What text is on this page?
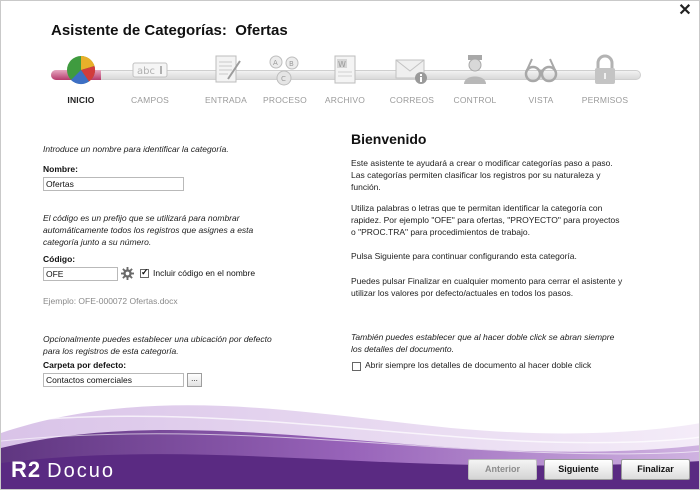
✕
Asistente de Categorías:  Ofertas
INICIO
abc
CAMPOS	ENTRADA
A B
C
PROCESO
W
ARCHIVO	CORREOS	CONTROL	VISTA	PERMISOS
Introduce un nombre para identificar la categoría.
Nombre:
Ofertas
El código es un prefijo que se utilizará para nombrar automáticamente todos los registros que asignes a esta categoría junto a su número.
Código:
OFE
✓	Incluir código en el nombre
Ejemplo: OFE-000072 Ofertas.docx
Opcionalmente puedes establecer una ubicación por defecto para los registros de esta categoría.
Carpeta por defecto:
Contactos comerciales	...
Bienvenido
Este asistente te ayudará a crear o modificar categorías paso a paso. Las categorías permiten clasificar los registros por su naturaleza y función.
Utiliza palabras o letras que te permitan identificar la categoría con rapidez. Por ejemplo "OFE" para ofertas, "PROYECTO" para proyectos o "PROC.TRA" para procedimientos de trabajo.
Pulsa Siguiente para continuar configurando esta categoría.
Puedes pulsar Finalizar en cualquier momento para cerrar el asistente y utilizar los valores por defecto/actuales en todos los pasos.
También puedes establecer que al hacer doble click se abran siempre los detalles del documento.
Abrir siempre los detalles de documento al hacer doble click
R2 Docuo	Anterior	Siguiente	Finalizar
